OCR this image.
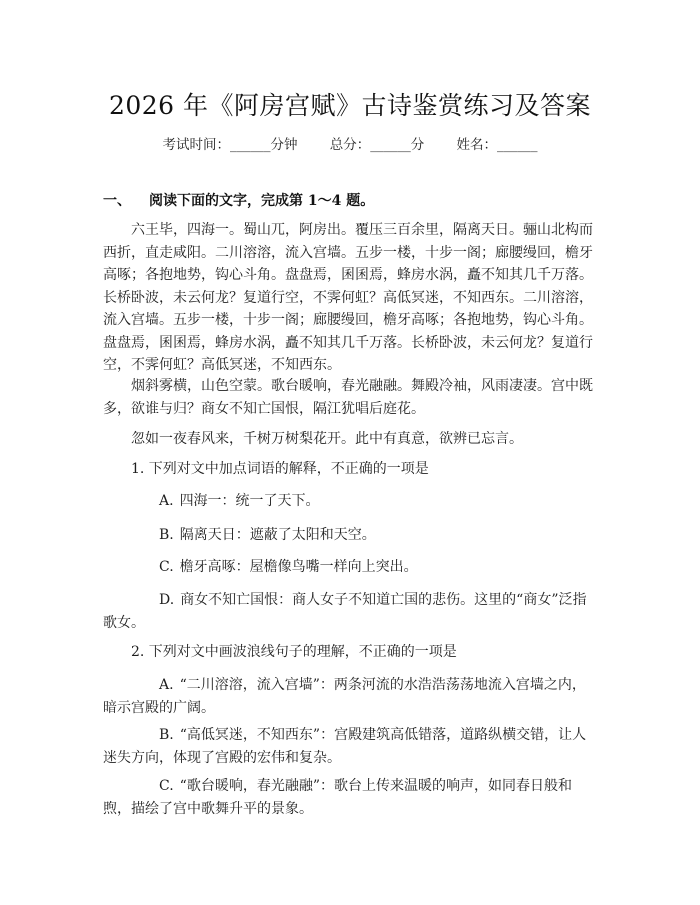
2026 年《阿房宫赋》古诗鉴赏练习及答案
考试时间：______分钟 总分：______分 姓名：______
一、 阅读下面的文字，完成第 1～4 题。

六王毕，四海一。蜀山兀，阿房出。覆压三百余里，隔离天日。骊山北构而西折，直走咸阳。二川溶溶，流入宫墙。五步一楼，十步一阁；廊腰缦回，檐牙高啄；各抱地势，钩心斗角。盘盘焉，囷囷焉，蜂房水涡，矗不知其几千万落。长桥卧波，未云何龙？复道行空，不霁何虹？高低冥迷，不知西东。二川溶溶，流入宫墙。五步一楼，十步一阁；廊腰缦回，檐牙高啄；各抱地势，钩心斗角。盘盘焉，囷囷焉，蜂房水涡，矗不知其几千万落。长桥卧波，未云何龙？复道行空，不霁何虹？高低冥迷，不知西东。

烟斜雾横，山色空蒙。歌台暖响，春光融融。舞殿冷袖，风雨凄凄。宫中既多，欲谁与归？商女不知亡国恨，隔江犹唱后庭花。

忽如一夜春风来，千树万树梨花开。此中有真意，欲辨已忘言。

1. 下列对文中加点词语的解释，不正确的一项是
A. 四海一：统一了天下。
B. 隔离天日：遮蔽了太阳和天空。
C. 檐牙高啄：屋檐像鸟嘴一样向上突出。

D. 商女不知亡国恨：商人女子不知道亡国的悲伤。这里的“商女”泛指歌女。

2. 下列对文中画波浪线句子的理解，不正确的一项是

A. “二川溶溶，流入宫墙”：两条河流的水浩浩荡荡地流入宫墙之内，暗示宫殿的广阔。

B. “高低冥迷，不知西东”：宫殿建筑高低错落，道路纵横交错，让人迷失方向，体现了宫殿的宏伟和复杂。

C. “歌台暖响，春光融融”：歌台上传来温暖的响声，如同春日般和煦，描绘了宫中歌舞升平的景象。
